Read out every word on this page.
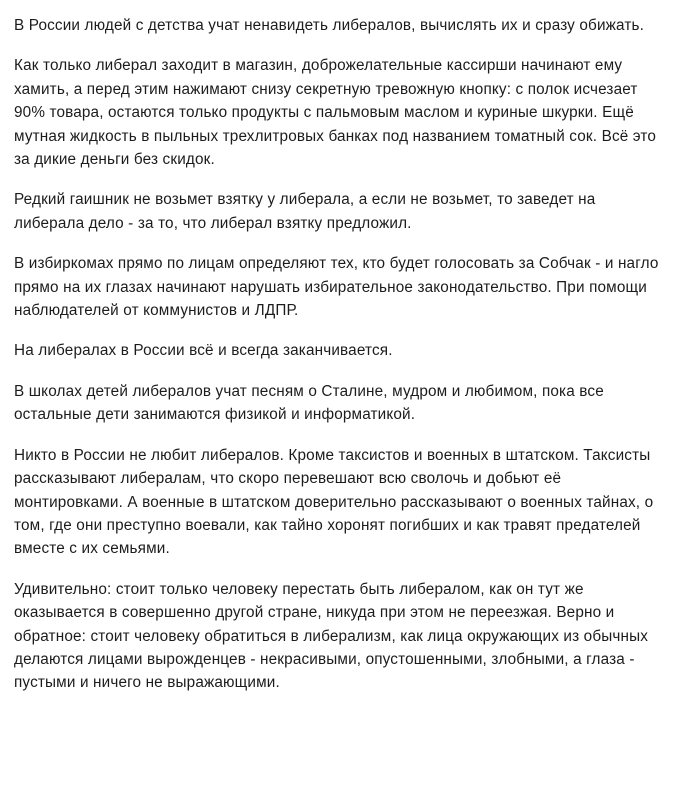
В России людей с детства учат ненавидеть либералов, вычислять их и сразу обижать.

Как только либерал заходит в магазин, доброжелательные кассирши начинают ему хамить, а перед этим нажимают снизу секретную тревожную кнопку: с полок исчезает 90% товара, остаются только продукты с пальмовым маслом и куриные шкурки. Ещё мутная жидкость в пыльных трехлитровых банках под названием томатный сок. Всё это за дикие деньги без скидок.

Редкий гаишник не возьмет взятку у либерала, а если не возьмет, то заведет на либерала дело - за то, что либерал взятку предложил.

В избиркомах прямо по лицам определяют тех, кто будет голосовать за Собчак - и нагло прямо на их глазах начинают нарушать избирательное законодательство. При помощи наблюдателей от коммунистов и ЛДПР.

На либералах в России всё и всегда заканчивается.

В школах детей либералов учат песням о Сталине, мудром и любимом, пока все остальные дети занимаются физикой и информатикой.

Никто в России не любит либералов. Кроме таксистов и военных в штатском. Таксисты рассказывают либералам, что скоро перевешают всю сволочь и добьют её монтировками. А военные в штатском доверительно рассказывают о военных тайнах, о том, где они преступно воевали, как тайно хоронят погибших и как травят предателей вместе с их семьями.

Удивительно: стоит только человеку перестать быть либералом, как он тут же оказывается в совершенно другой стране, никуда при этом не переезжая. Верно и обратное: стоит человеку обратиться в либерализм, как лица окружающих из обычных делаются лицами вырожденцев - некрасивыми, опустошенными, злобными, а глаза - пустыми и ничего не выражающими.
